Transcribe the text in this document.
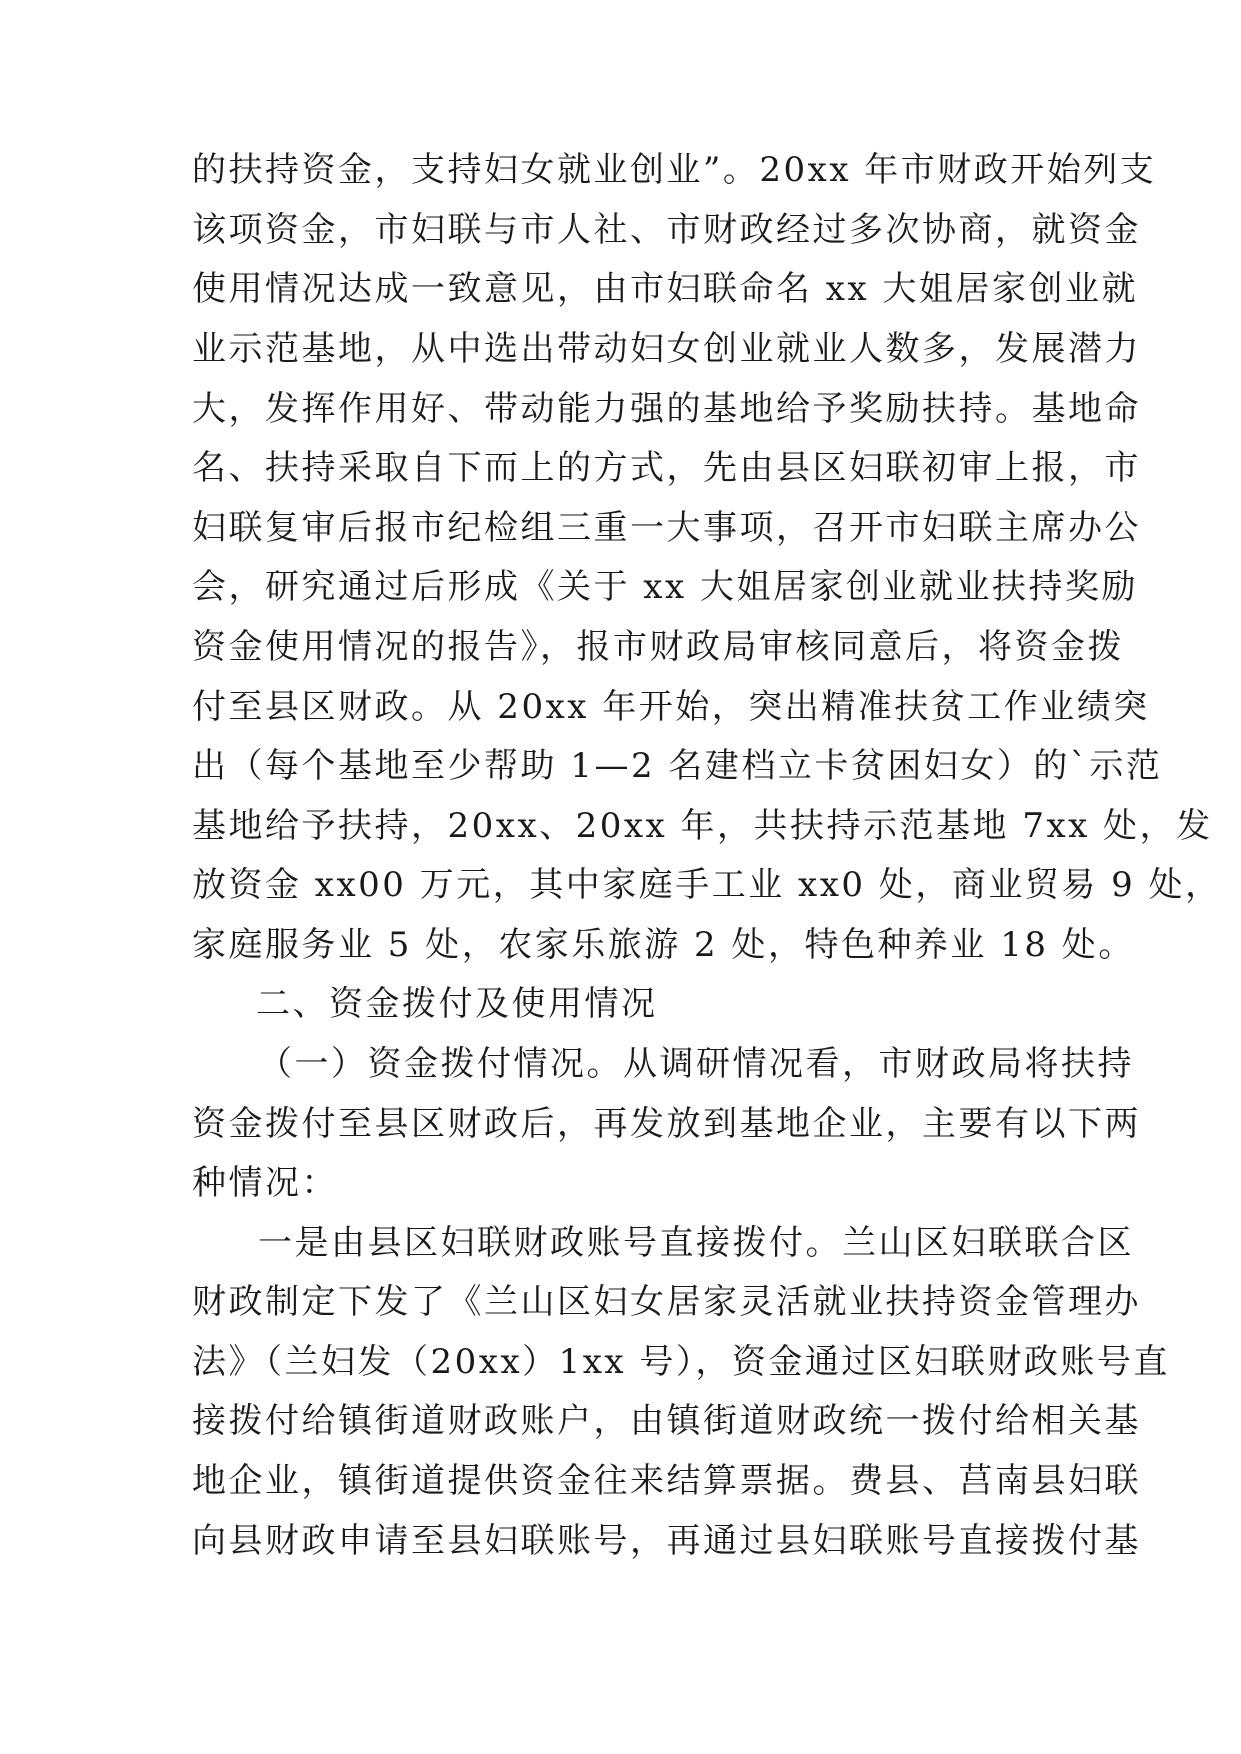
的扶持资金，支持妇女就业创业”。20xx 年市财政开始列支
该项资金，市妇联与市人社、市财政经过多次协商，就资金
使用情况达成一致意见，由市妇联命名 xx 大姐居家创业就
业示范基地，从中选出带动妇女创业就业人数多，发展潜力
大，发挥作用好、带动能力强的基地给予奖励扶持。基地命
名、扶持采取自下而上的方式，先由县区妇联初审上报，市
妇联复审后报市纪检组三重一大事项，召开市妇联主席办公
会，研究通过后形成《关于 xx 大姐居家创业就业扶持奖励
资金使用情况的报告》，报市财政局审核同意后，将资金拨
付至县区财政。从 20xx 年开始，突出精准扶贫工作业绩突
出（每个基地至少帮助 1—2 名建档立卡贫困妇女）的`示范
基地给予扶持，20xx、20xx 年，共扶持示范基地 7xx 处，发
放资金 xx00 万元，其中家庭手工业 xx0 处，商业贸易 9 处，
家庭服务业 5 处，农家乐旅游 2 处，特色种养业 18 处。
二、资金拨付及使用情况
（一）资金拨付情况。从调研情况看，市财政局将扶持
资金拨付至县区财政后，再发放到基地企业，主要有以下两
种情况：
一是由县区妇联财政账号直接拨付。兰山区妇联联合区
财政制定下发了《兰山区妇女居家灵活就业扶持资金管理办
法》（兰妇发（20xx）1xx 号），资金通过区妇联财政账号直
接拨付给镇街道财政账户，由镇街道财政统一拨付给相关基
地企业，镇街道提供资金往来结算票据。费县、莒南县妇联
向县财政申请至县妇联账号，再通过县妇联账号直接拨付基
